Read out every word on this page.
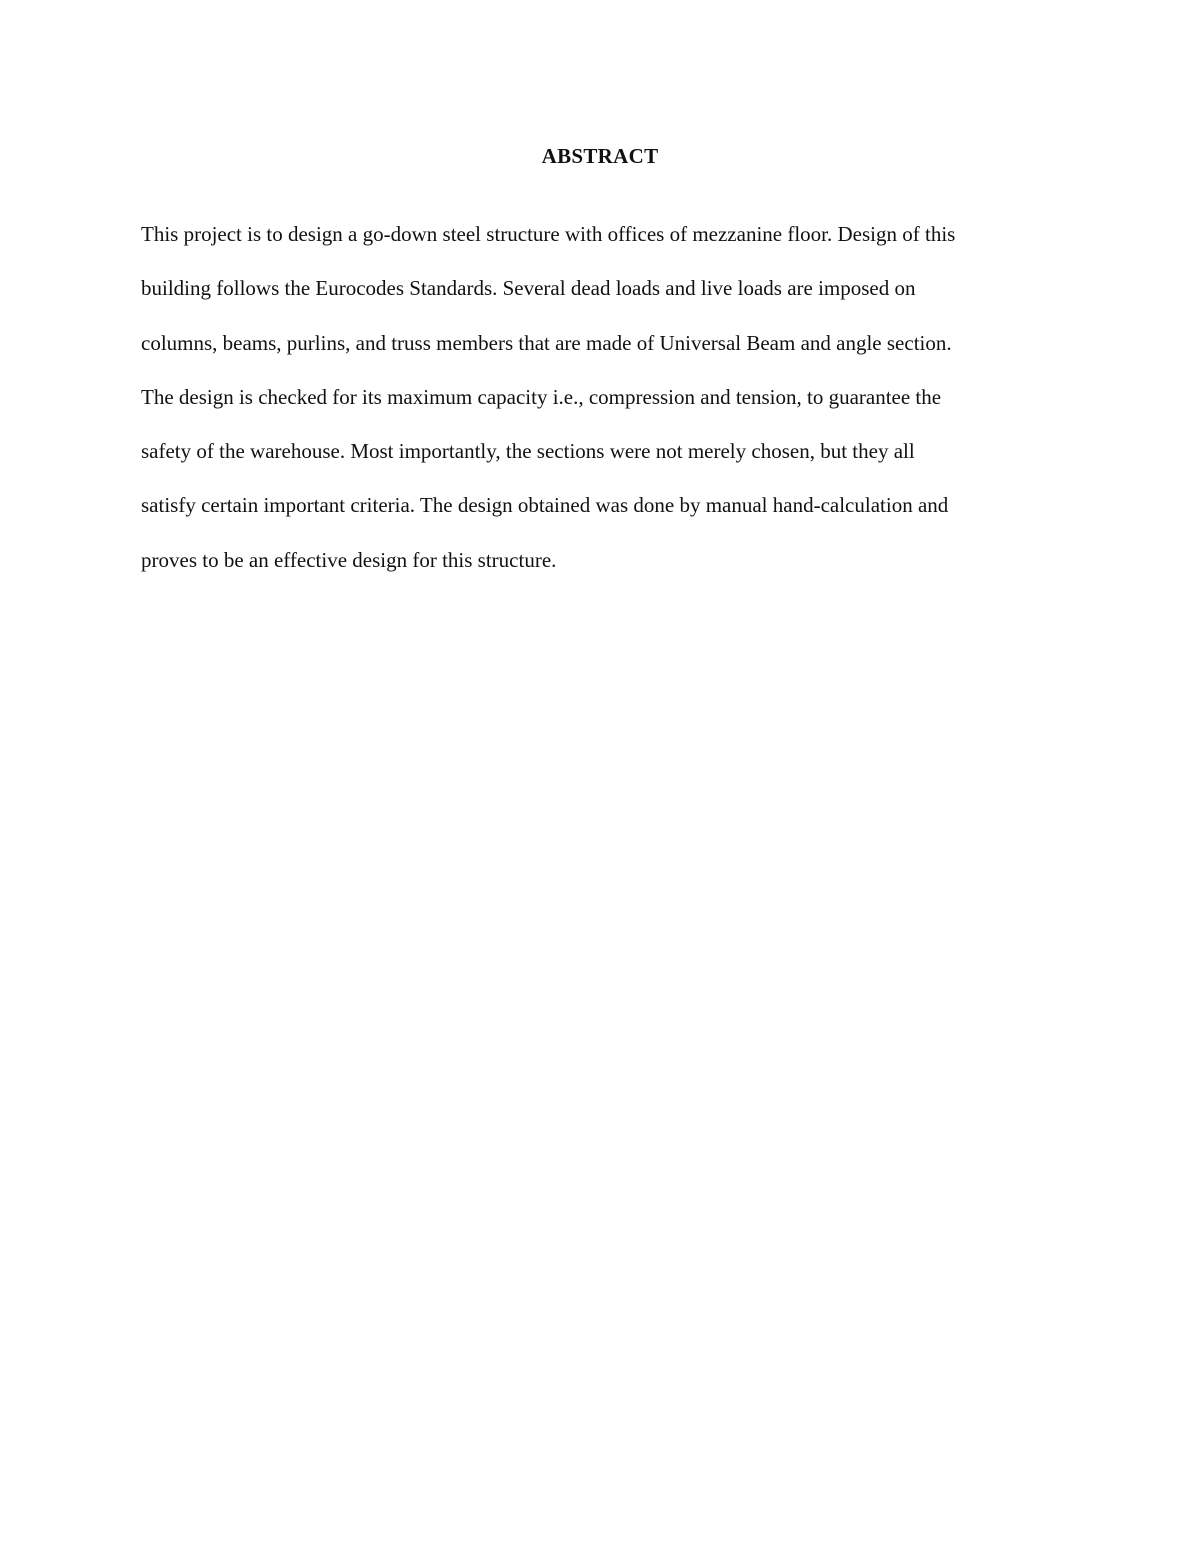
ABSTRACT
This project is to design a go-down steel structure with offices of mezzanine floor. Design of this
building follows the Eurocodes Standards. Several dead loads and live loads are imposed on
columns, beams, purlins, and truss members that are made of Universal Beam and angle section.
The design is checked for its maximum capacity i.e., compression and tension, to guarantee the
safety of the warehouse. Most importantly, the sections were not merely chosen, but they all
satisfy certain important criteria. The design obtained was done by manual hand-calculation and
proves to be an effective design for this structure.
